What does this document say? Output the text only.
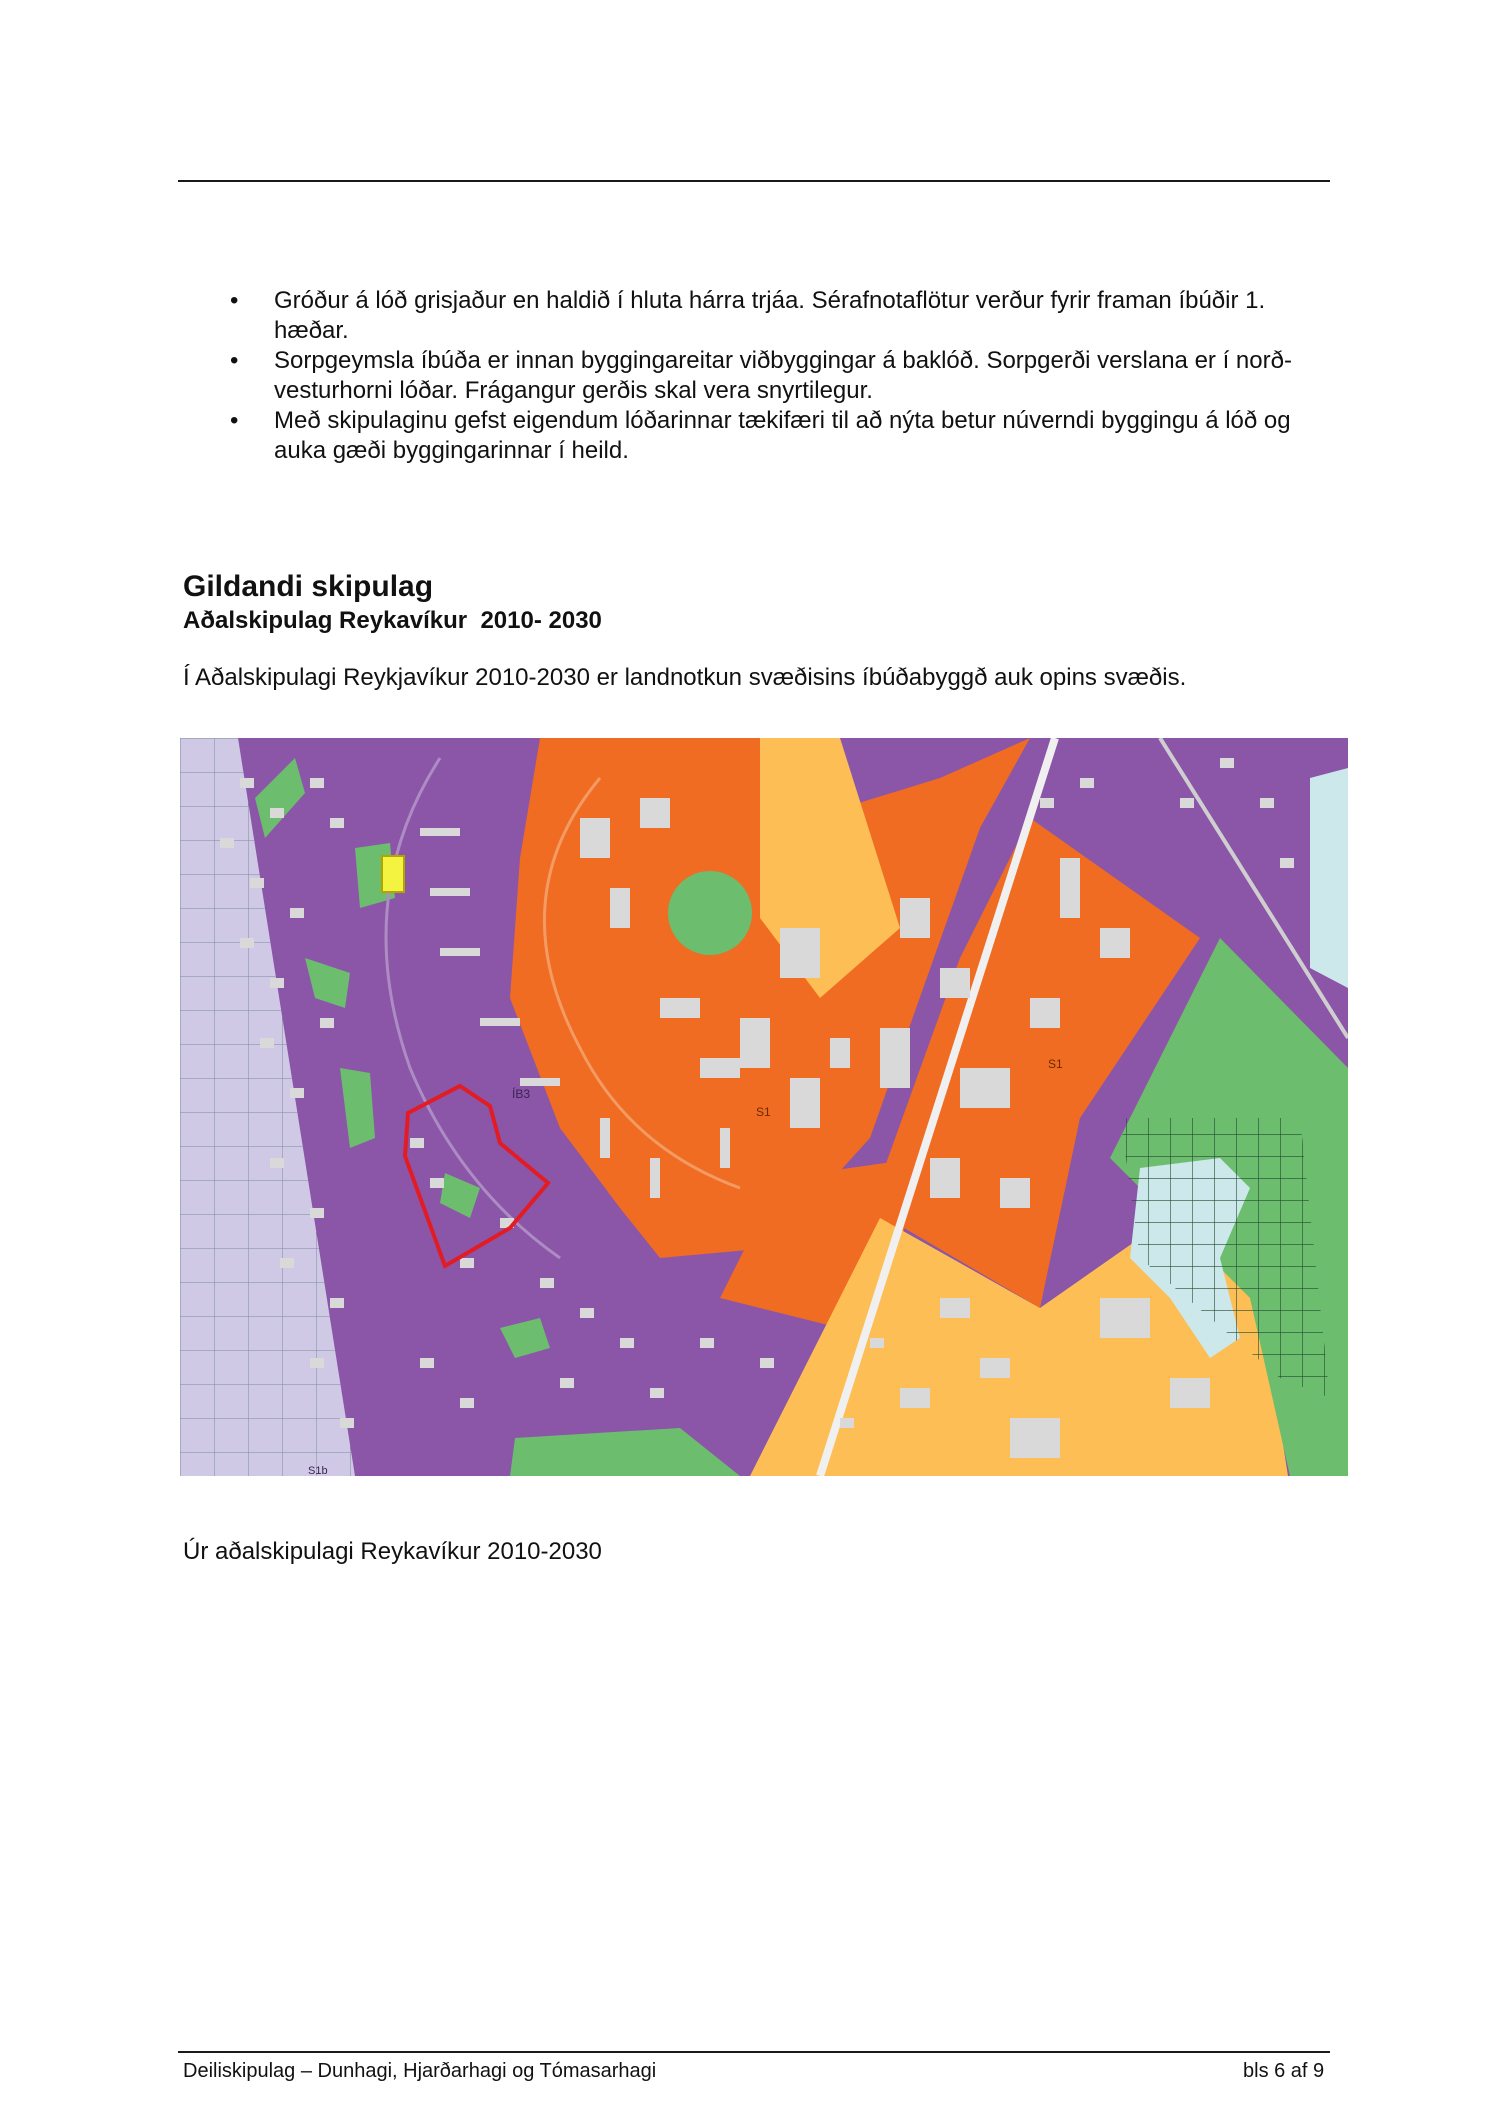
• Gróður á lóð grisjaður en haldið í hluta hárra trjáa. Sérafnotaflötur verður fyrir framan íbúðir 1. hæðar.
• Sorpgeymsla íbúða er innan byggingareitar viðbyggingar á baklóð. Sorpgerði verslana er í norð-vesturhorni lóðar. Frágangur gerðis skal vera snyrtilegur.
• Með skipulaginu gefst eigendum lóðarinnar tækifæri til að nýta betur núverndi byggingu á lóð og auka gæði byggingarinnar í heild.
Gildandi skipulag
Aðalskipulag Reykavíkur  2010- 2030

Í Aðalskipulagi Reykjavíkur 2010-2030 er landnotkun svæðisins íbúðabyggð auk opins svæðis.

ÍB3
S1
S1
S1b

Úr aðalskipulagi Reykavíkur 2010-2030

Deiliskipulag – Dunhagi, Hjarðarhagi og Tómasarhagi	bls 6 af 9
